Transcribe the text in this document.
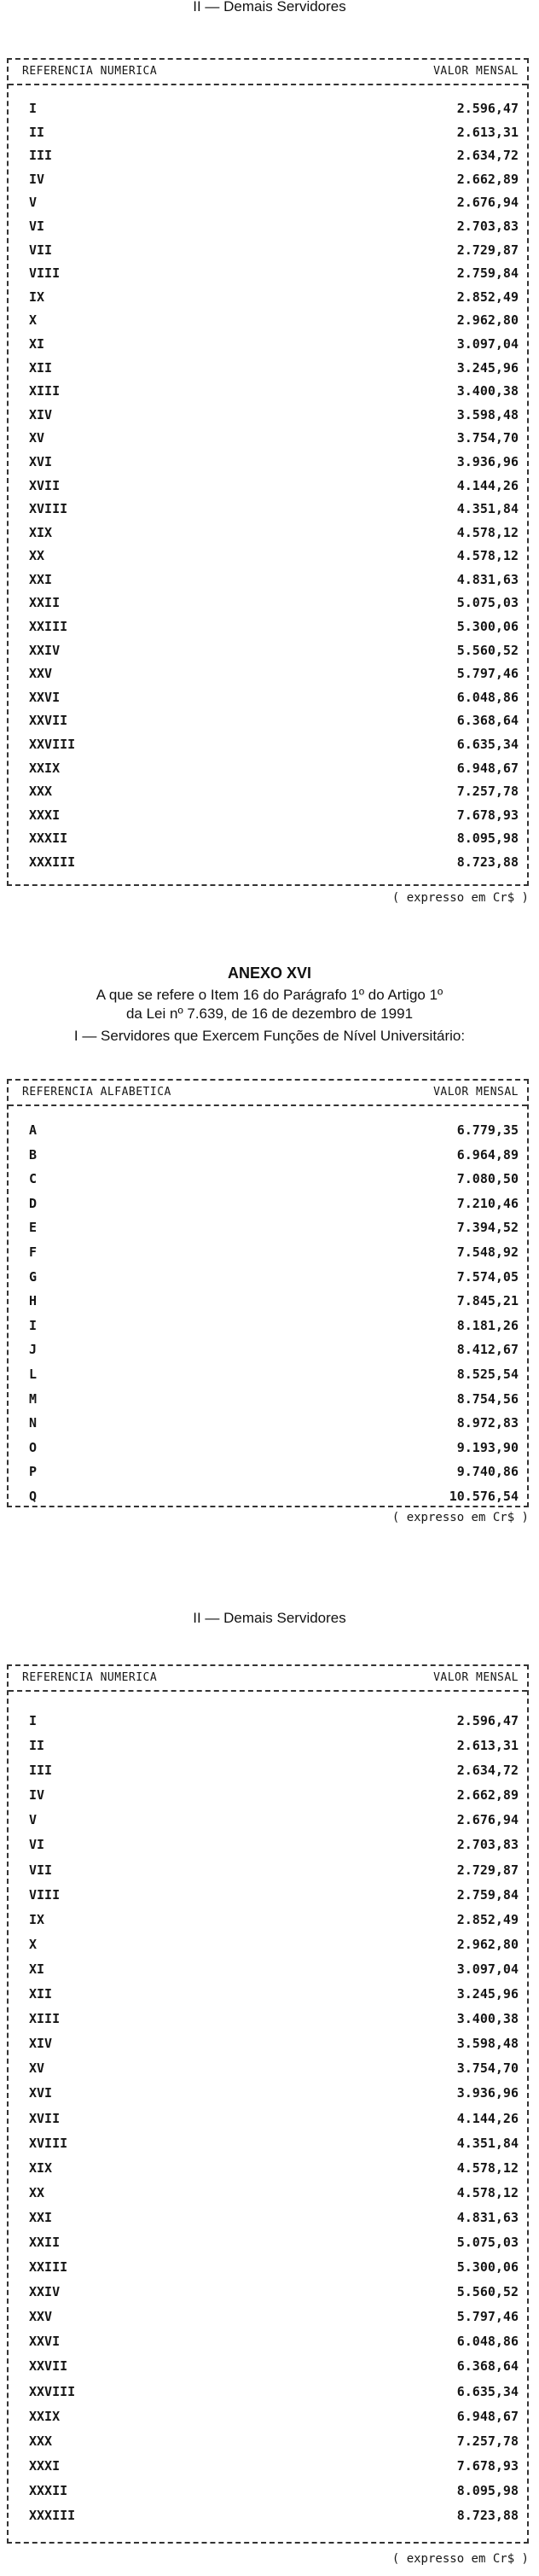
II — Demais Servidores
REFERENCIA NUMERICA	VALOR MENSAL
I	2.596,47
II	2.613,31
III	2.634,72
IV	2.662,89
V	2.676,94
VI	2.703,83
VII	2.729,87
VIII	2.759,84
IX	2.852,49
X	2.962,80
XI	3.097,04
XII	3.245,96
XIII	3.400,38
XIV	3.598,48
XV	3.754,70
XVI	3.936,96
XVII	4.144,26
XVIII	4.351,84
XIX	4.578,12
XX	4.578,12
XXI	4.831,63
XXII	5.075,03
XXIII	5.300,06
XXIV	5.560,52
XXV	5.797,46
XXVI	6.048,86
XXVII	6.368,64
XXVIII	6.635,34
XXIX	6.948,67
XXX	7.257,78
XXXI	7.678,93
XXXII	8.095,98
XXXIII	8.723,88
( expresso em Cr$ )
ANEXO XVI
A que se refere o Item 16 do Parágrafo 1º do Artigo 1º
da Lei nº 7.639, de 16 de dezembro de 1991
I — Servidores que Exercem Funções de Nível Universitário:
REFERENCIA ALFABETICA	VALOR MENSAL
A	6.779,35
B	6.964,89
C	7.080,50
D	7.210,46
E	7.394,52
F	7.548,92
G	7.574,05
H	7.845,21
I	8.181,26
J	8.412,67
L	8.525,54
M	8.754,56
N	8.972,83
O	9.193,90
P	9.740,86
Q	10.576,54
( expresso em Cr$ )
II — Demais Servidores
REFERENCIA NUMERICA	VALOR MENSAL
I	2.596,47
II	2.613,31
III	2.634,72
IV	2.662,89
V	2.676,94
VI	2.703,83
VII	2.729,87
VIII	2.759,84
IX	2.852,49
X	2.962,80
XI	3.097,04
XII	3.245,96
XIII	3.400,38
XIV	3.598,48
XV	3.754,70
XVI	3.936,96
XVII	4.144,26
XVIII	4.351,84
XIX	4.578,12
XX	4.578,12
XXI	4.831,63
XXII	5.075,03
XXIII	5.300,06
XXIV	5.560,52
XXV	5.797,46
XXVI	6.048,86
XXVII	6.368,64
XXVIII	6.635,34
XXIX	6.948,67
XXX	7.257,78
XXXI	7.678,93
XXXII	8.095,98
XXXIII	8.723,88
( expresso em Cr$ )
